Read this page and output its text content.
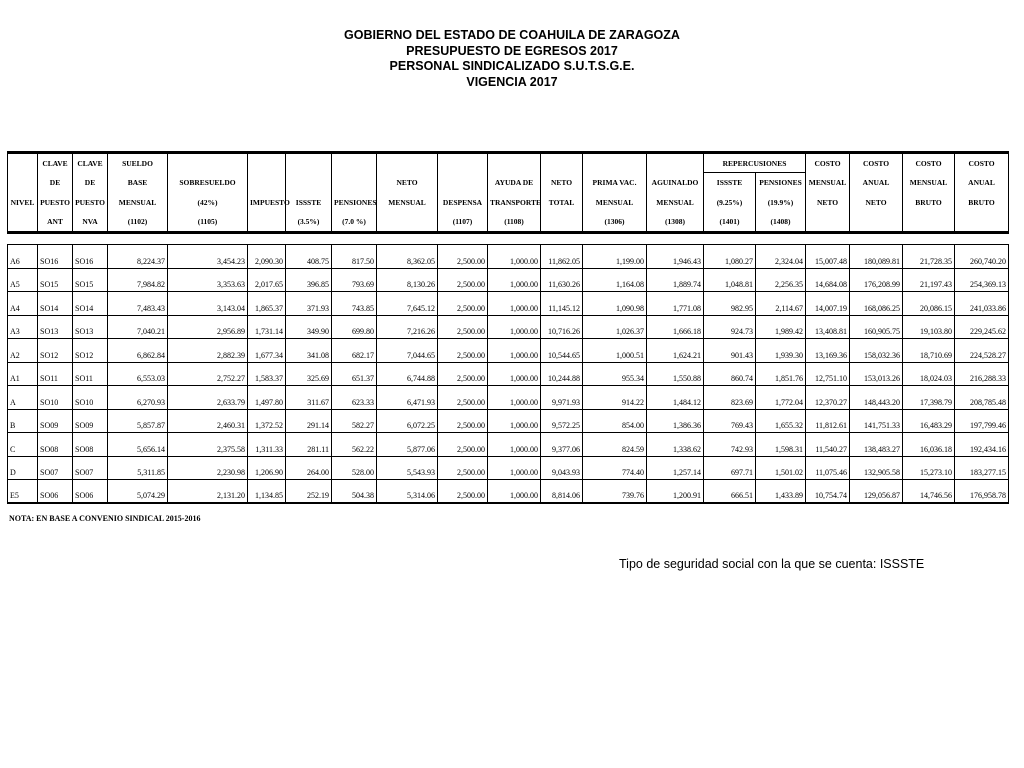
GOBIERNO DEL ESTADO DE COAHUILA DE ZARAGOZA
PRESUPUESTO DE EGRESOS 2017
PERSONAL SINDICALIZADO S.U.T.S.G.E.
VIGENCIA 2017
	CLAVE	CLAVE	SUELDO											REPERCUSIONES		COSTO	COSTO	COSTO	COSTO
	DE	DE	BASE	SOBRESUELDO				NETO		AYUDA DE	NETO	PRIMA VAC.	AGUINALDO	ISSSTE	PENSIONES	MENSUAL	ANUAL	MENSUAL	ANUAL
NIVEL	PUESTO	PUESTO	MENSUAL	(42%)	IMPUESTO	ISSSTE	PENSIONES	MENSUAL	DESPENSA	TRANSPORTE	TOTAL	MENSUAL	MENSUAL	(9.25%)	(19.9%)	NETO	NETO	BRUTO	BRUTO
	ANT	NVA	(1102)	(1105)		(3.5%)	(7.0 %)		(1107)	(1108)		(1306)	(1308)	(1401)	(1408)				

A6	SO16	SO16	8,224.37	3,454.23	2,090.30	408.75	817.50	8,362.05	2,500.00	1,000.00	11,862.05	1,199.00	1,946.43	1,080.27	2,324.04	15,007.48	180,089.81	21,728.35	260,740.20
A5	SO15	SO15	7,984.82	3,353.63	2,017.65	396.85	793.69	8,130.26	2,500.00	1,000.00	11,630.26	1,164.08	1,889.74	1,048.81	2,256.35	14,684.08	176,208.99	21,197.43	254,369.13
A4	SO14	SO14	7,483.43	3,143.04	1,865.37	371.93	743.85	7,645.12	2,500.00	1,000.00	11,145.12	1,090.98	1,771.08	982.95	2,114.67	14,007.19	168,086.25	20,086.15	241,033.86
A3	SO13	SO13	7,040.21	2,956.89	1,731.14	349.90	699.80	7,216.26	2,500.00	1,000.00	10,716.26	1,026.37	1,666.18	924.73	1,989.42	13,408.81	160,905.75	19,103.80	229,245.62
A2	SO12	SO12	6,862.84	2,882.39	1,677.34	341.08	682.17	7,044.65	2,500.00	1,000.00	10,544.65	1,000.51	1,624.21	901.43	1,939.30	13,169.36	158,032.36	18,710.69	224,528.27
A1	SO11	SO11	6,553.03	2,752.27	1,583.37	325.69	651.37	6,744.88	2,500.00	1,000.00	10,244.88	955.34	1,550.88	860.74	1,851.76	12,751.10	153,013.26	18,024.03	216,288.33
A	SO10	SO10	6,270.93	2,633.79	1,497.80	311.67	623.33	6,471.93	2,500.00	1,000.00	9,971.93	914.22	1,484.12	823.69	1,772.04	12,370.27	148,443.20	17,398.79	208,785.48
B	SO09	SO09	5,857.87	2,460.31	1,372.52	291.14	582.27	6,072.25	2,500.00	1,000.00	9,572.25	854.00	1,386.36	769.43	1,655.32	11,812.61	141,751.33	16,483.29	197,799.46
C	SO08	SO08	5,656.14	2,375.58	1,311.33	281.11	562.22	5,877.06	2,500.00	1,000.00	9,377.06	824.59	1,338.62	742.93	1,598.31	11,540.27	138,483.27	16,036.18	192,434.16
D	SO07	SO07	5,311.85	2,230.98	1,206.90	264.00	528.00	5,543.93	2,500.00	1,000.00	9,043.93	774.40	1,257.14	697.71	1,501.02	11,075.46	132,905.58	15,273.10	183,277.15
E5	SO06	SO06	5,074.29	2,131.20	1,134.85	252.19	504.38	5,314.06	2,500.00	1,000.00	8,814.06	739.76	1,200.91	666.51	1,433.89	10,754.74	129,056.87	14,746.56	176,958.78
NOTA: EN BASE A CONVENIO SINDICAL 2015-2016
Tipo de seguridad social con la que se cuenta: ISSSTE
